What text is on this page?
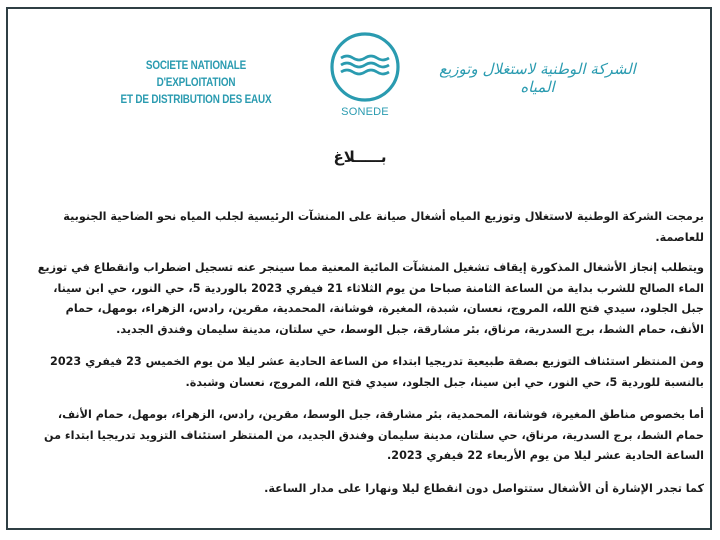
SOCIETE NATIONALE D'EXPLOITATION
ET DE DISTRIBUTION DES EAUX
SONEDE
الشركة الوطنية لاستغلال وتوزيع المياه
بـــــلاغ

برمجت الشركة الوطنية لاستغلال وتوزيع المياه أشغال صيانة على المنشآت الرئيسية لجلب المياه نحو الضاحية الجنوبية للعاصمة.

ويتطلب إنجاز الأشغال المذكورة إيقاف تشغيل المنشآت المائية المعنية مما سينجر عنه تسجيل اضطراب وانقطاع في توزيع الماء الصالح للشرب بداية من الساعة الثامنة صباحا من يوم الثلاثاء 21 فيفري 2023 بالوردية 5، حي النور، حي ابن سينا، جبل الجلود، سيدي فتح الله، المروج، نعسان، شبدة، المغيرة، فوشانة، المحمدية، مقرين، رادس، الزهراء، بومهل، حمام الأنف، حمام الشط، برج السدرية، مرناق، بئر مشارقة، جبل الوسط، حي سلتان، مدينة سليمان وفندق الجديد.

ومن المنتظر استئناف التوزيع بصفة طبيعية تدريجيا ابتداء من الساعة الحادية عشر ليلا من يوم الخميس 23 فيفري 2023 بالنسبة للوردية 5، حي النور، حي ابن سينا، جبل الجلود، سيدي فتح الله، المروج، نعسان وشبدة.

أما بخصوص مناطق المغيرة، فوشانة، المحمدية، بئر مشارقة، جبل الوسط، مقرين، رادس، الزهراء، بومهل، حمام الأنف، حمام الشط، برج السدرية، مرناق، حي سلتان، مدينة سليمان وفندق الجديد، من المنتظر استئناف التزويد تدريجيا ابتداء من الساعة الحادية عشر ليلا من يوم الأربعاء 22 فيفري 2023.

كما تجدر الإشارة أن الأشغال ستتواصل دون انقطاع ليلا ونهارا على مدار الساعة.
